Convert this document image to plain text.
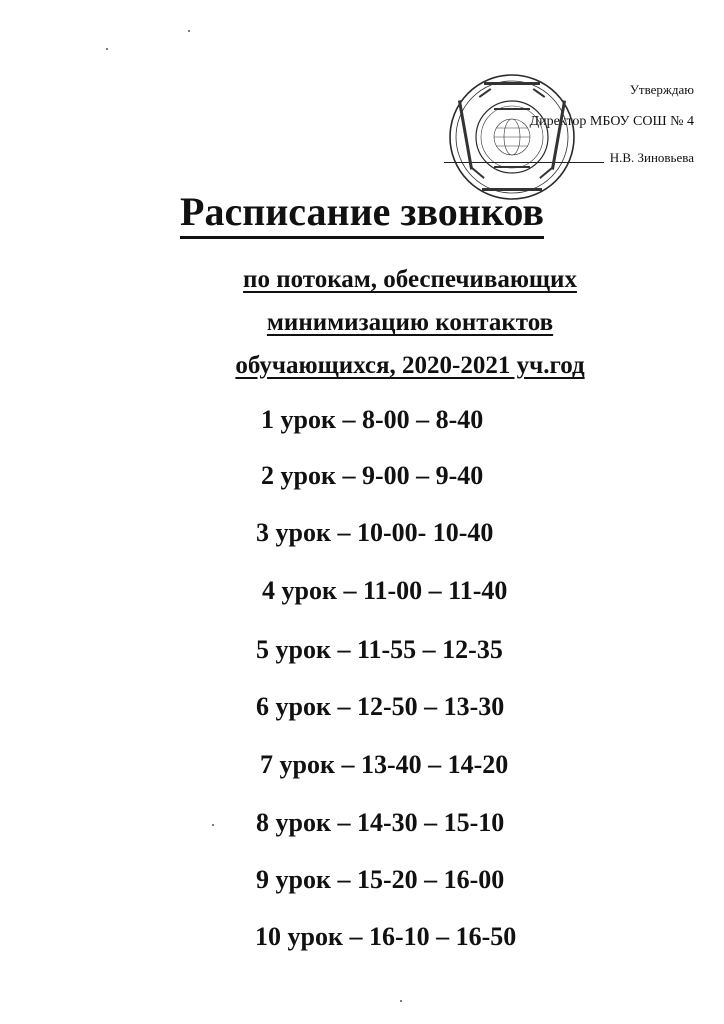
Утверждаю
Директор МБОУ СОШ № 4
Н.В. Зиновьева
Расписание звонков
по потокам, обеспечивающих
минимизацию контактов
обучающихся, 2020-2021 уч.год
1 урок – 8-00 – 8-40
2 урок – 9-00 – 9-40
3 урок – 10-00- 10-40
4 урок – 11-00 – 11-40
5 урок – 11-55 – 12-35
6 урок – 12-50 – 13-30
7 урок – 13-40 – 14-20
8 урок – 14-30 – 15-10
9 урок – 15-20 – 16-00
10 урок – 16-10 – 16-50
